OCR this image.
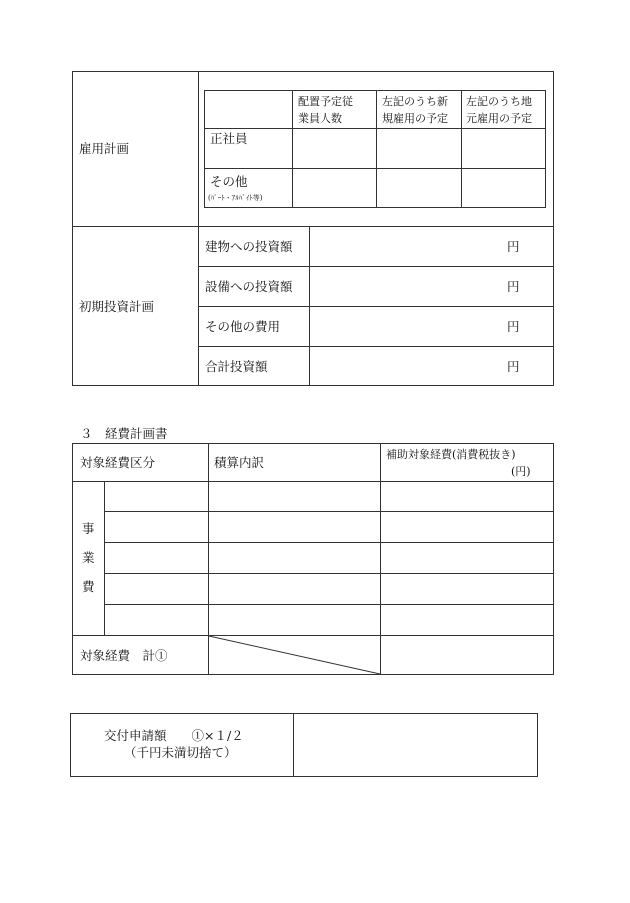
雇用計画
配置予定従
業員人数
左記のうち新
規雇用の予定
左記のうち地
元雇用の予定
正社員
その他
(ﾊﾟｰﾄ・ｱﾙﾊﾞｲﾄ等)
初期投資計画
建物への投資額
設備への投資額
その他の費用
合計投資額
円
円
円
円
３　経費計画書
対象経費区分	積算内訳
補助対象経費(消費税抜き)
(円)
事
業
費
対象経費　計①
交付申請額　　①×１/２
（千円未満切捨て）
